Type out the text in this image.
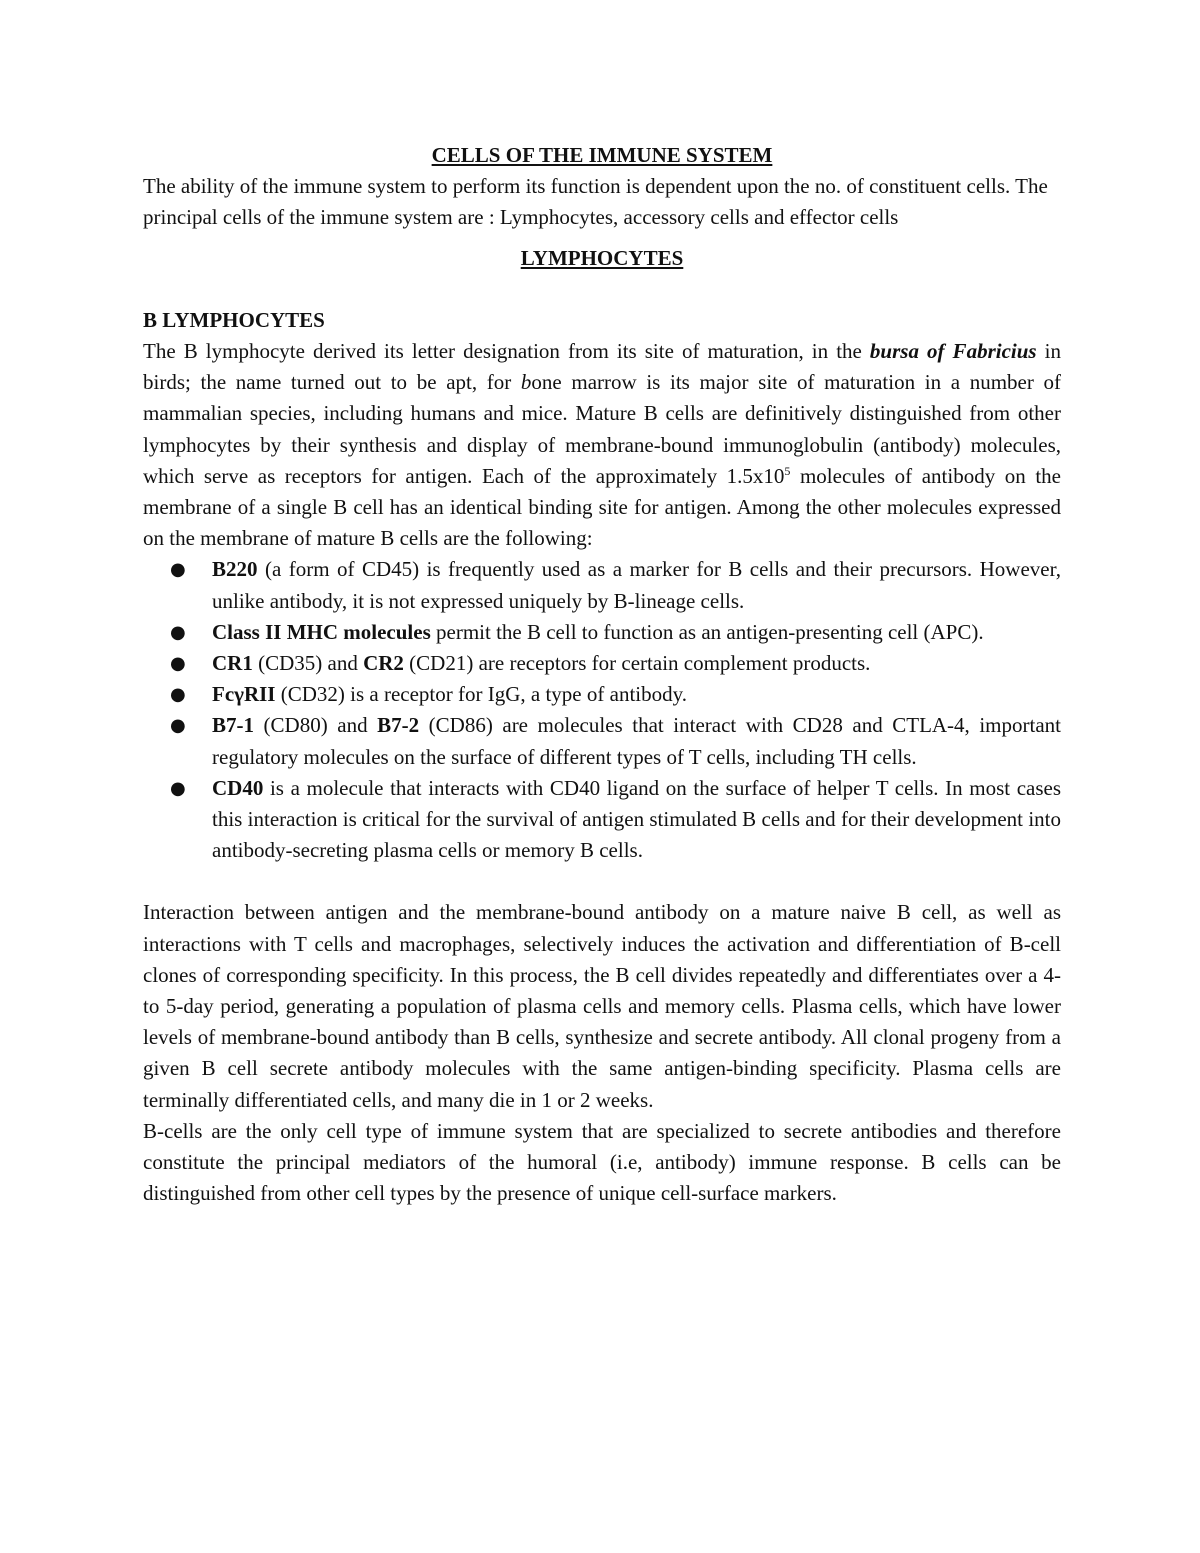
CELLS OF THE IMMUNE SYSTEM

The ability of the immune system to perform its function is dependent upon the no. of constituent cells. The principal cells of the immune system are : Lymphocytes, accessory cells and effector cells

LYMPHOCYTES

B LYMPHOCYTES

The B lymphocyte derived its letter designation from its site of maturation, in the bursa of Fabricius in birds; the name turned out to be apt, for bone marrow is its major site of maturation in a number of mammalian species, including humans and mice. Mature B cells are definitively distinguished from other lymphocytes by their synthesis and display of membrane-bound immunoglobulin (antibody) molecules, which serve as receptors for antigen. Each of the approximately $1.5x10^5$ molecules of antibody on the membrane of a single B cell has an identical binding site for antigen. Among the other molecules expressed on the membrane of mature B cells are the following:

● B220 (a form of CD45) is frequently used as a marker for B cells and their precursors. However, unlike antibody, it is not expressed uniquely by B-lineage cells.
● Class II MHC molecules permit the B cell to function as an antigen-presenting cell (APC).
● CR1 (CD35) and CR2 (CD21) are receptors for certain complement products.
● FcγRII (CD32) is a receptor for IgG, a type of antibody.
● B7-1 (CD80) and B7-2 (CD86) are molecules that interact with CD28 and CTLA-4, important regulatory molecules on the surface of different types of T cells, including TH cells.
● CD40 is a molecule that interacts with CD40 ligand on the surface of helper T cells. In most cases this interaction is critical for the survival of antigen stimulated B cells and for their development into antibody-secreting plasma cells or memory B cells.

Interaction between antigen and the membrane-bound antibody on a mature naive B cell, as well as interactions with T cells and macrophages, selectively induces the activation and differentiation of B-cell clones of corresponding specificity. In this process, the B cell divides repeatedly and differentiates over a 4- to 5-day period, generating a population of plasma cells and memory cells. Plasma cells, which have lower levels of membrane-bound antibody than B cells, synthesize and secrete antibody. All clonal progeny from a given B cell secrete antibody molecules with the same antigen-binding specificity. Plasma cells are terminally differentiated cells, and many die in 1 or 2 weeks.

B-cells are the only cell type of immune system that are specialized to secrete antibodies and therefore constitute the principal mediators of the humoral (i.e, antibody) immune response. B cells can be distinguished from other cell types by the presence of unique cell-surface markers.
